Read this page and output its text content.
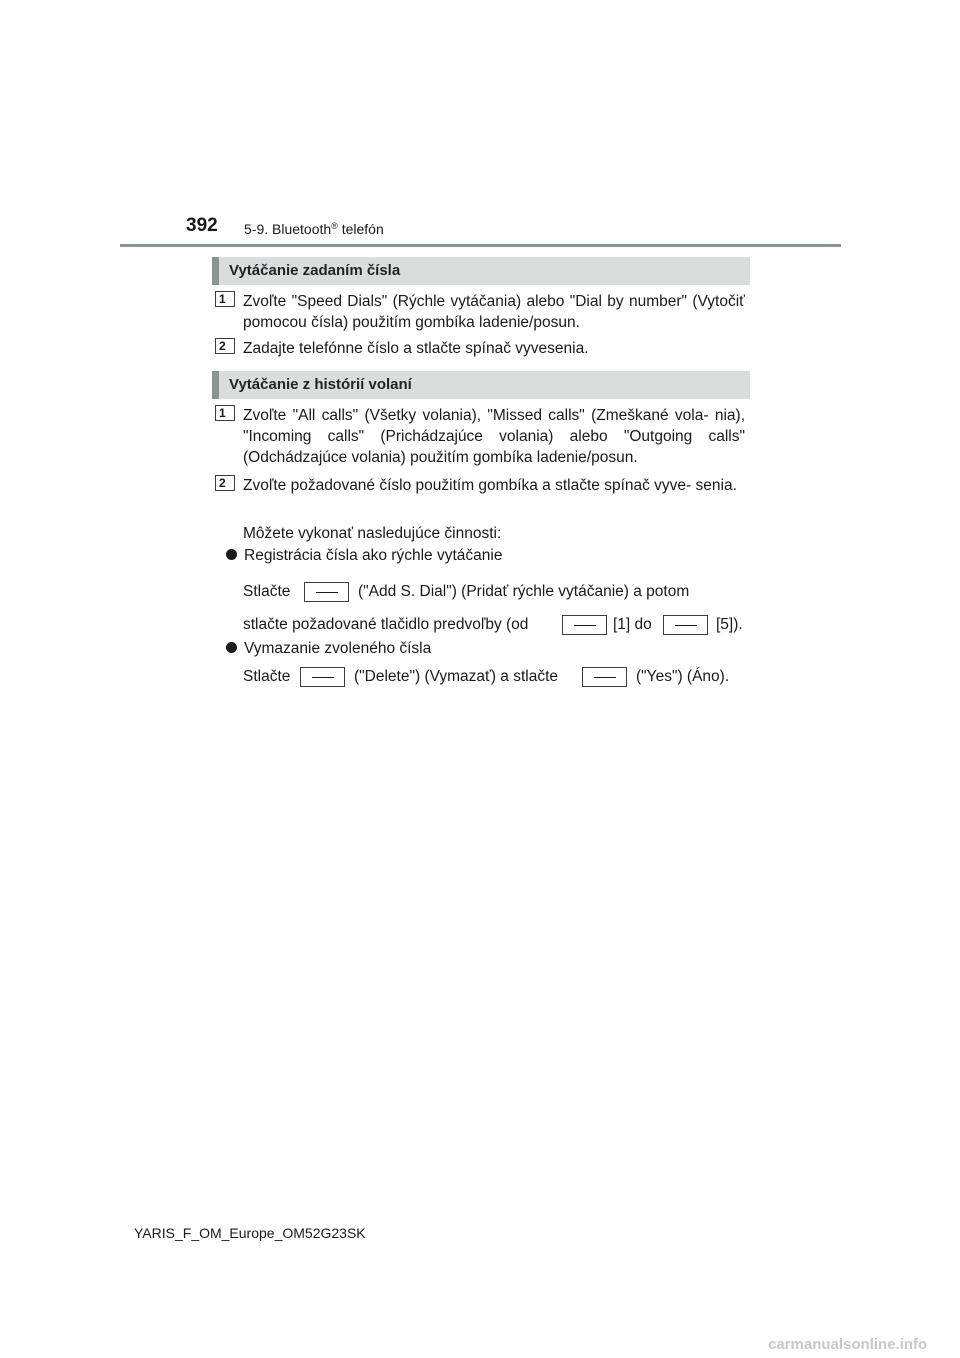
392 5-9. Bluetooth® telefón
Vytáčanie zadaním čísla
1	Zvoľte "Speed Dials" (Rýchle vytáčania) alebo "Dial by number" (Vytočiť pomocou čísla) použitím gombíka ladenie/posun.
2	Zadajte telefónne číslo a stlačte spínač vyvesenia.
Vytáčanie z histórií volaní
1	Zvoľte "All calls" (Všetky volania), "Missed calls" (Zmeškané vola- nia), "Incoming calls" (Prichádzajúce volania) alebo "Outgoing calls" (Odchádzajúce volania) použitím gombíka ladenie/posun.
2	Zvoľte požadované číslo použitím gombíka a stlačte spínač vyve- senia.
Môžete vykonať nasledujúce činnosti:
Registrácia čísla ako rýchle vytáčanie
Stlačte	("Add S. Dial") (Pridať rýchle vytáčanie) a potom
stlačte požadované tlačidlo predvoľby (od	[1] do	[5]).
Vymazanie zvoleného čísla
Stlačte	("Delete") (Vymazať) a stlačte	("Yes") (Áno).
YARIS_F_OM_Europe_OM52G23SK
carmanualsonline.info
